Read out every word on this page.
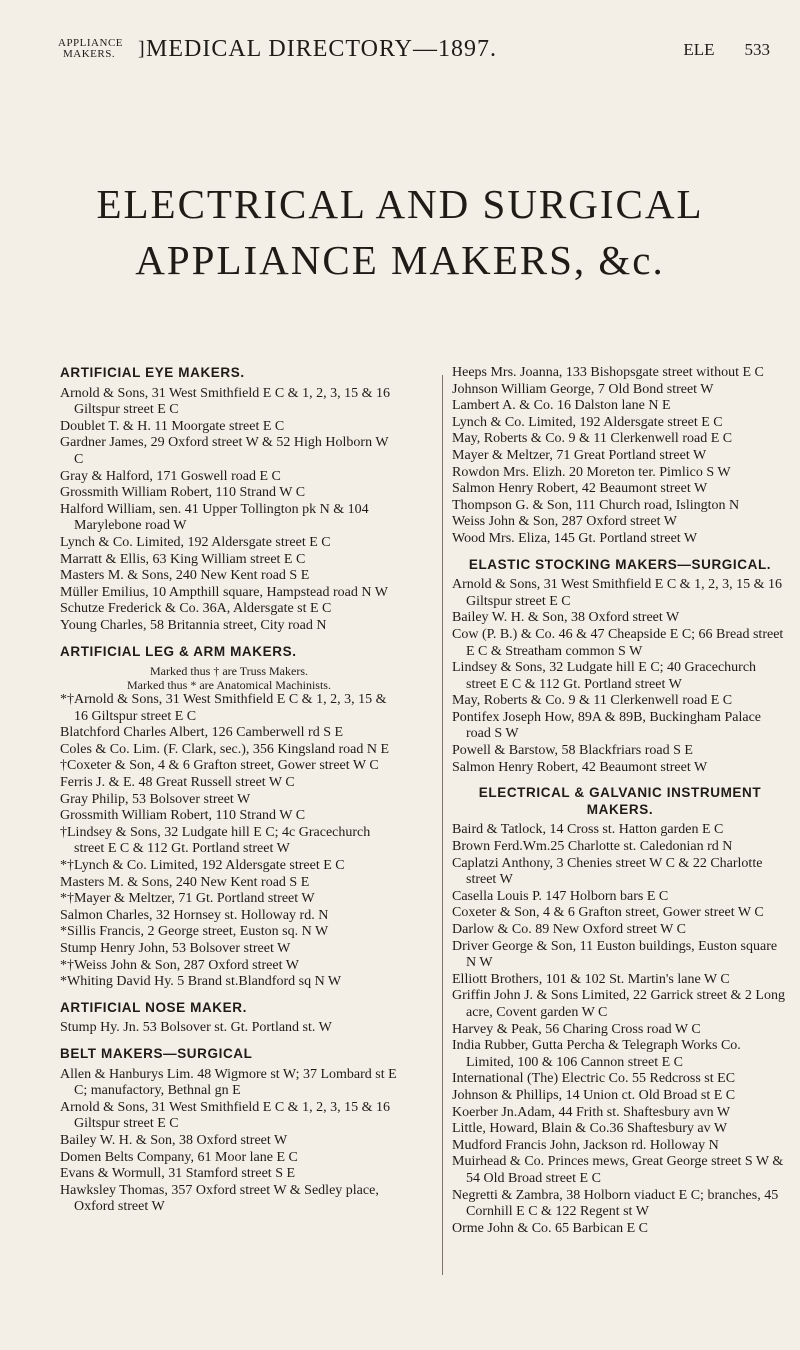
APPLIANCE
MAKERS.	] MEDICAL DIRECTORY—1897.	ELE 533
ELECTRICAL AND SURGICAL
APPLIANCE MAKERS, &c.
ARTIFICIAL EYE MAKERS.
Arnold & Sons, 31 West Smithfield E C & 1, 2, 3, 15 & 16 Giltspur street E C
Doublet T. & H. 11 Moorgate street E C
Gardner James, 29 Oxford street W & 52 High Holborn W C
Gray & Halford, 171 Goswell road E C
Grossmith William Robert, 110 Strand W C
Halford William, sen. 41 Upper Tollington pk N & 104 Marylebone road W
Lynch & Co. Limited, 192 Aldersgate street E C
Marratt & Ellis, 63 King William street E C
Masters M. & Sons, 240 New Kent road S E
Müller Emilius, 10 Ampthill square, Hampstead road N W
Schutze Frederick & Co. 36A, Aldersgate st E C
Young Charles, 58 Britannia street, City road N
ARTIFICIAL LEG & ARM MAKERS.
Marked thus † are Truss Makers.
Marked thus * are Anatomical Machinists.
*†Arnold & Sons, 31 West Smithfield E C & 1, 2, 3, 15 & 16 Giltspur street E C
Blatchford Charles Albert, 126 Camberwell rd S E
Coles & Co. Lim. (F. Clark, sec.), 356 Kingsland road N E
†Coxeter & Son, 4 & 6 Grafton street, Gower street W C
Ferris J. & E. 48 Great Russell street W C
Gray Philip, 53 Bolsover street W
Grossmith William Robert, 110 Strand W C
†Lindsey & Sons, 32 Ludgate hill E C; 4c Gracechurch street E C & 112 Gt. Portland street W
*†Lynch & Co. Limited, 192 Aldersgate street E C
Masters M. & Sons, 240 New Kent road S E
*†Mayer & Meltzer, 71 Gt. Portland street W
Salmon Charles, 32 Hornsey st. Holloway rd. N
*Sillis Francis, 2 George street, Euston sq. N W
Stump Henry John, 53 Bolsover street W
*†Weiss John & Son, 287 Oxford street W
*Whiting David Hy. 5 Brand st.Blandford sq N W
ARTIFICIAL NOSE MAKER.
Stump Hy. Jn. 53 Bolsover st. Gt. Portland st. W
BELT MAKERS—SURGICAL
Allen & Hanburys Lim. 48 Wigmore st W; 37 Lombard st E C; manufactory, Bethnal gn E
Arnold & Sons, 31 West Smithfield E C & 1, 2, 3, 15 & 16 Giltspur street E C
Bailey W. H. & Son, 38 Oxford street W
Domen Belts Company, 61 Moor lane E C
Evans & Wormull, 31 Stamford street S E
Hawksley Thomas, 357 Oxford street W & Sedley place, Oxford street W
Heeps Mrs. Joanna, 133 Bishopsgate street without E C
Johnson William George, 7 Old Bond street W
Lambert A. & Co. 16 Dalston lane N E
Lynch & Co. Limited, 192 Aldersgate street E C
May, Roberts & Co. 9 & 11 Clerkenwell road E C
Mayer & Meltzer, 71 Great Portland street W
Rowdon Mrs. Elizh. 20 Moreton ter. Pimlico S W
Salmon Henry Robert, 42 Beaumont street W
Thompson G. & Son, 111 Church road, Islington N
Weiss John & Son, 287 Oxford street W
Wood Mrs. Eliza, 145 Gt. Portland street W
ELASTIC STOCKING MAKERS—SURGICAL.
Arnold & Sons, 31 West Smithfield E C & 1, 2, 3, 15 & 16 Giltspur street E C
Bailey W. H. & Son, 38 Oxford street W
Cow (P. B.) & Co. 46 & 47 Cheapside E C; 66 Bread street E C & Streatham common S W
Lindsey & Sons, 32 Ludgate hill E C; 40 Gracechurch street E C & 112 Gt. Portland street W
May, Roberts & Co. 9 & 11 Clerkenwell road E C
Pontifex Joseph How, 89A & 89B, Buckingham Palace road S W
Powell & Barstow, 58 Blackfriars road S E
Salmon Henry Robert, 42 Beaumont street W
ELECTRICAL & GALVANIC INSTRUMENT MAKERS.
Baird & Tatlock, 14 Cross st. Hatton garden E C
Brown Ferd.Wm.25 Charlotte st. Caledonian rd N
Caplatzi Anthony, 3 Chenies street W C & 22 Charlotte street W
Casella Louis P. 147 Holborn bars E C
Coxeter & Son, 4 & 6 Grafton street, Gower street W C
Darlow & Co. 89 New Oxford street W C
Driver George & Son, 11 Euston buildings, Euston square N W
Elliott Brothers, 101 & 102 St. Martin's lane W C
Griffin John J. & Sons Limited, 22 Garrick street & 2 Long acre, Covent garden W C
Harvey & Peak, 56 Charing Cross road W C
India Rubber, Gutta Percha & Telegraph Works Co. Limited, 100 & 106 Cannon street E C
International (The) Electric Co. 55 Redcross st EC
Johnson & Phillips, 14 Union ct. Old Broad st E C
Koerber Jn.Adam, 44 Frith st. Shaftesbury avn W
Little, Howard, Blain & Co.36 Shaftesbury av W
Mudford Francis John, Jackson rd. Holloway N
Muirhead & Co. Princes mews, Great George street S W & 54 Old Broad street E C
Negretti & Zambra, 38 Holborn viaduct E C; branches, 45 Cornhill E C & 122 Regent st W
Orme John & Co. 65 Barbican E C
